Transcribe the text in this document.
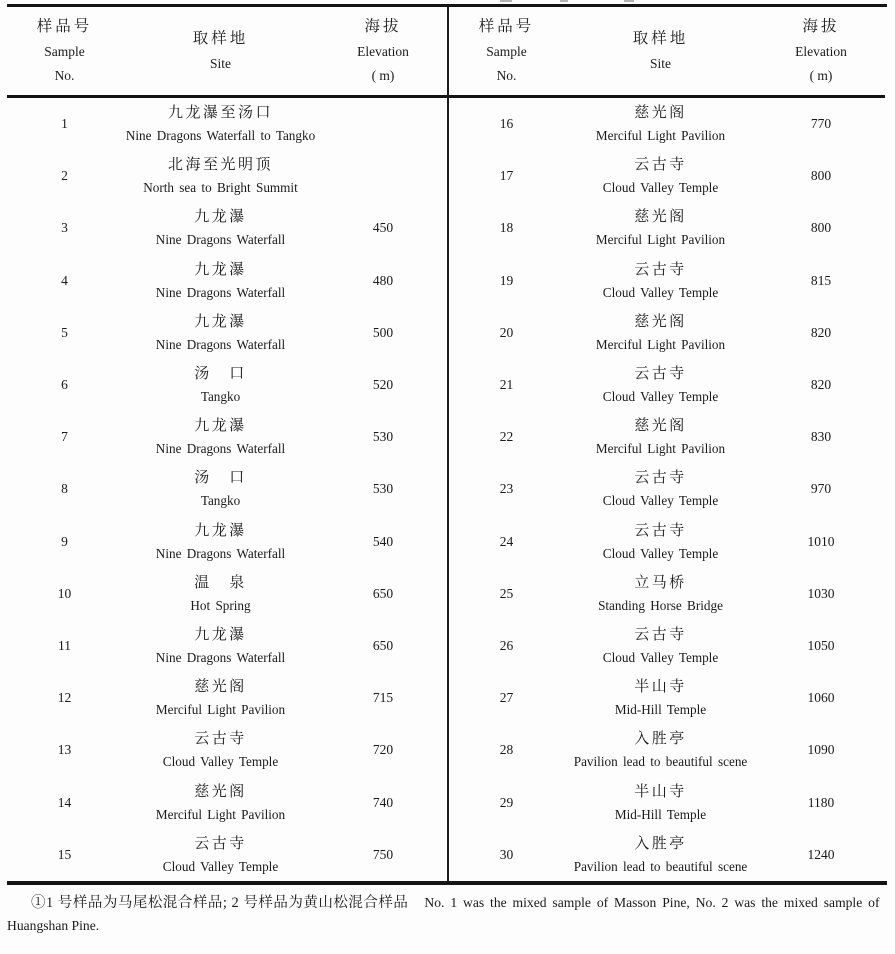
样品号
Sample
No.
取样地
Site
海拔
Elevation
( m)
1
九龙瀑至汤口
Nine Dragons Waterfall to Tangko
2
北海至光明顶
North sea to Bright Summit
3
九龙瀑
Nine Dragons Waterfall
450
4
九龙瀑
Nine Dragons Waterfall
480
5
九龙瀑
Nine Dragons Waterfall
500
6
汤　口
Tangko
520
7
九龙瀑
Nine Dragons Waterfall
530
8
汤　口
Tangko
530
9
九龙瀑
Nine Dragons Waterfall
540
10
温　泉
Hot Spring
650
11
九龙瀑
Nine Dragons Waterfall
650
12
慈光阁
Merciful Light Pavilion
715
13
云古寺
Cloud Valley Temple
720
14
慈光阁
Merciful Light Pavilion
740
15
云古寺
Cloud Valley Temple
750
样品号
Sample
No.
取样地
Site
海拔
Elevation
( m)
16
慈光阁
Merciful Light Pavilion
770
17
云古寺
Cloud Valley Temple
800
18
慈光阁
Merciful Light Pavilion
800
19
云古寺
Cloud Valley Temple
815
20
慈光阁
Merciful Light Pavilion
820
21
云古寺
Cloud Valley Temple
820
22
慈光阁
Merciful Light Pavilion
830
23
云古寺
Cloud Valley Temple
970
24
云古寺
Cloud Valley Temple
1010
25
立马桥
Standing Horse Bridge
1030
26
云古寺
Cloud Valley Temple
1050
27
半山寺
Mid-Hill Temple
1060
28
入胜亭
Pavilion lead to beautiful scene
1090
29
半山寺
Mid-Hill Temple
1180
30
入胜亭
Pavilion lead to beautiful scene
1240
①1 号样品为马尾松混合样品; 2 号样品为黄山松混合样品 No. 1 was the mixed sample of Masson Pine, No. 2 was the mixed sample of
Huangshan Pine.
